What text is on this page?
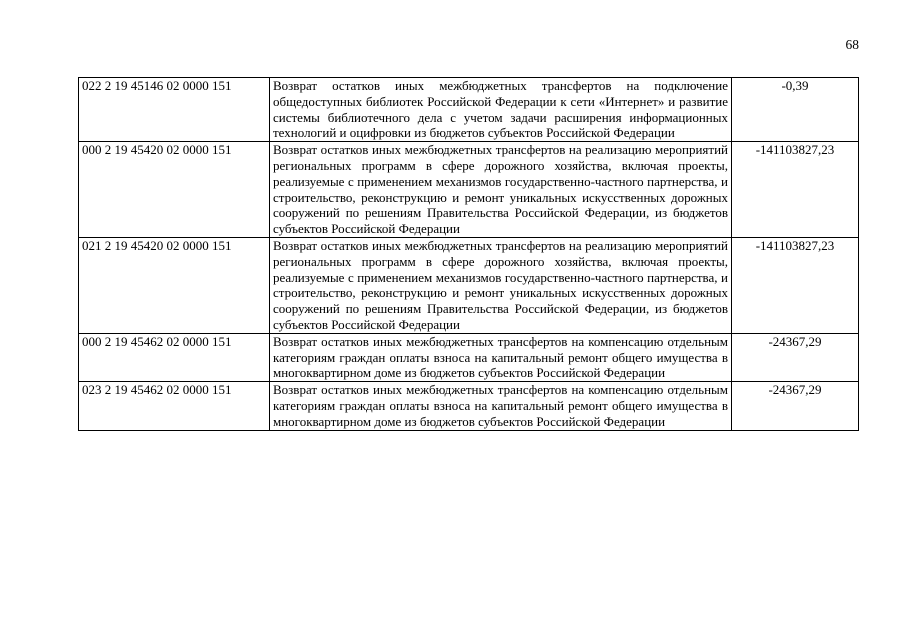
68
022 2 19 45146 02 0000 151	Возврат остатков иных межбюджетных трансфертов на подключение общедоступных библиотек Российской Федерации к сети «Интернет» и развитие системы библиотечного дела с учетом задачи расширения информационных технологий и оцифровки из бюджетов субъектов Российской Федерации	-0,39
000 2 19 45420 02 0000 151	Возврат остатков иных межбюджетных трансфертов на реализацию мероприятий региональных программ в сфере дорожного хозяйства, включая проекты, реализуемые с применением механизмов государственно-частного партнерства, и строительство, реконструкцию и ремонт уникальных искусственных дорожных сооружений по решениям Правительства Российской Федерации, из бюджетов субъектов Российской Федерации	-141103827,23
021 2 19 45420 02 0000 151	Возврат остатков иных межбюджетных трансфертов на реализацию мероприятий региональных программ в сфере дорожного хозяйства, включая проекты, реализуемые с применением механизмов государственно-частного партнерства, и строительство, реконструкцию и ремонт уникальных искусственных дорожных сооружений по решениям Правительства Российской Федерации, из бюджетов субъектов Российской Федерации	-141103827,23
000 2 19 45462 02 0000 151	Возврат остатков иных межбюджетных трансфертов на компенсацию отдельным категориям граждан оплаты взноса на капитальный ремонт общего имущества в многоквартирном доме из бюджетов субъектов Российской Федерации	-24367,29
023 2 19 45462 02 0000 151	Возврат остатков иных межбюджетных трансфертов на компенсацию отдельным категориям граждан оплаты взноса на капитальный ремонт общего имущества в многоквартирном доме из бюджетов субъектов Российской Федерации	-24367,29
